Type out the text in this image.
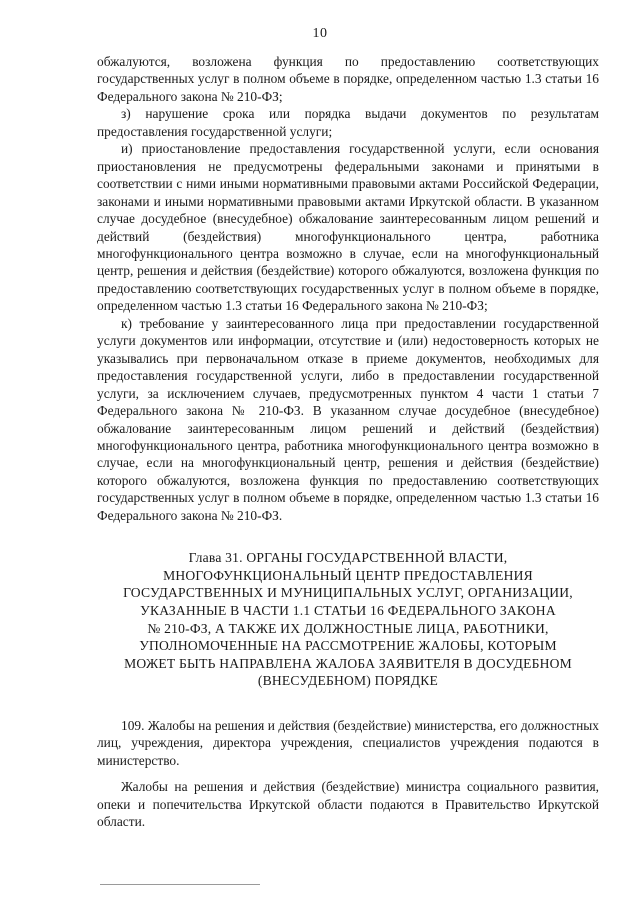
10

обжалуются, возложена функция по предоставлению соответствующих государственных услуг в полном объеме в порядке, определенном частью 1.3 статьи 16 Федерального закона № 210-ФЗ;

з) нарушение срока или порядка выдачи документов по результатам предоставления государственной услуги;

и) приостановление предоставления государственной услуги, если основания приостановления не предусмотрены федеральными законами и принятыми в соответствии с ними иными нормативными правовыми актами Российской Федерации, законами и иными нормативными правовыми актами Иркутской области. В указанном случае досудебное (внесудебное) обжалование заинтересованным лицом решений и действий (бездействия) многофункционального центра, работника многофункционального центра возможно в случае, если на многофункциональный центр, решения и действия (бездействие) которого обжалуются, возложена функция по предоставлению соответствующих государственных услуг в полном объеме в порядке, определенном частью 1.3 статьи 16 Федерального закона № 210-ФЗ;

к) требование у заинтересованного лица при предоставлении государственной услуги документов или информации, отсутствие и (или) недостоверность которых не указывались при первоначальном отказе в приеме документов, необходимых для предоставления государственной услуги, либо в предоставлении государственной услуги, за исключением случаев, предусмотренных пунктом 4 части 1 статьи 7 Федерального закона № 210-ФЗ. В указанном случае досудебное (внесудебное) обжалование заинтересованным лицом решений и действий (бездействия) многофункционального центра, работника многофункционального центра возможно в случае, если на многофункциональный центр, решения и действия (бездействие) которого обжалуются, возложена функция по предоставлению соответствующих государственных услуг в полном объеме в порядке, определенном частью 1.3 статьи 16 Федерального закона № 210-ФЗ.

Глава 31. ОРГАНЫ ГОСУДАРСТВЕННОЙ ВЛАСТИ,
МНОГОФУНКЦИОНАЛЬНЫЙ ЦЕНТР ПРЕДОСТАВЛЕНИЯ
ГОСУДАРСТВЕННЫХ И МУНИЦИПАЛЬНЫХ УСЛУГ, ОРГАНИЗАЦИИ,
УКАЗАННЫЕ В ЧАСТИ 1.1 СТАТЬИ 16 ФЕДЕРАЛЬНОГО ЗАКОНА
№ 210-ФЗ, А ТАКЖЕ ИХ ДОЛЖНОСТНЫЕ ЛИЦА, РАБОТНИКИ,
УПОЛНОМОЧЕННЫЕ НА РАССМОТРЕНИЕ ЖАЛОБЫ, КОТОРЫМ
МОЖЕТ БЫТЬ НАПРАВЛЕНА ЖАЛОБА ЗАЯВИТЕЛЯ В ДОСУДЕБНОМ
(ВНЕСУДЕБНОМ) ПОРЯДКЕ

109. Жалобы на решения и действия (бездействие) министерства, его должностных лиц, учреждения, директора учреждения, специалистов учреждения подаются в министерство.

Жалобы на решения и действия (бездействие) министра социального развития, опеки и попечительства Иркутской области подаются в Правительство Иркутской области.
